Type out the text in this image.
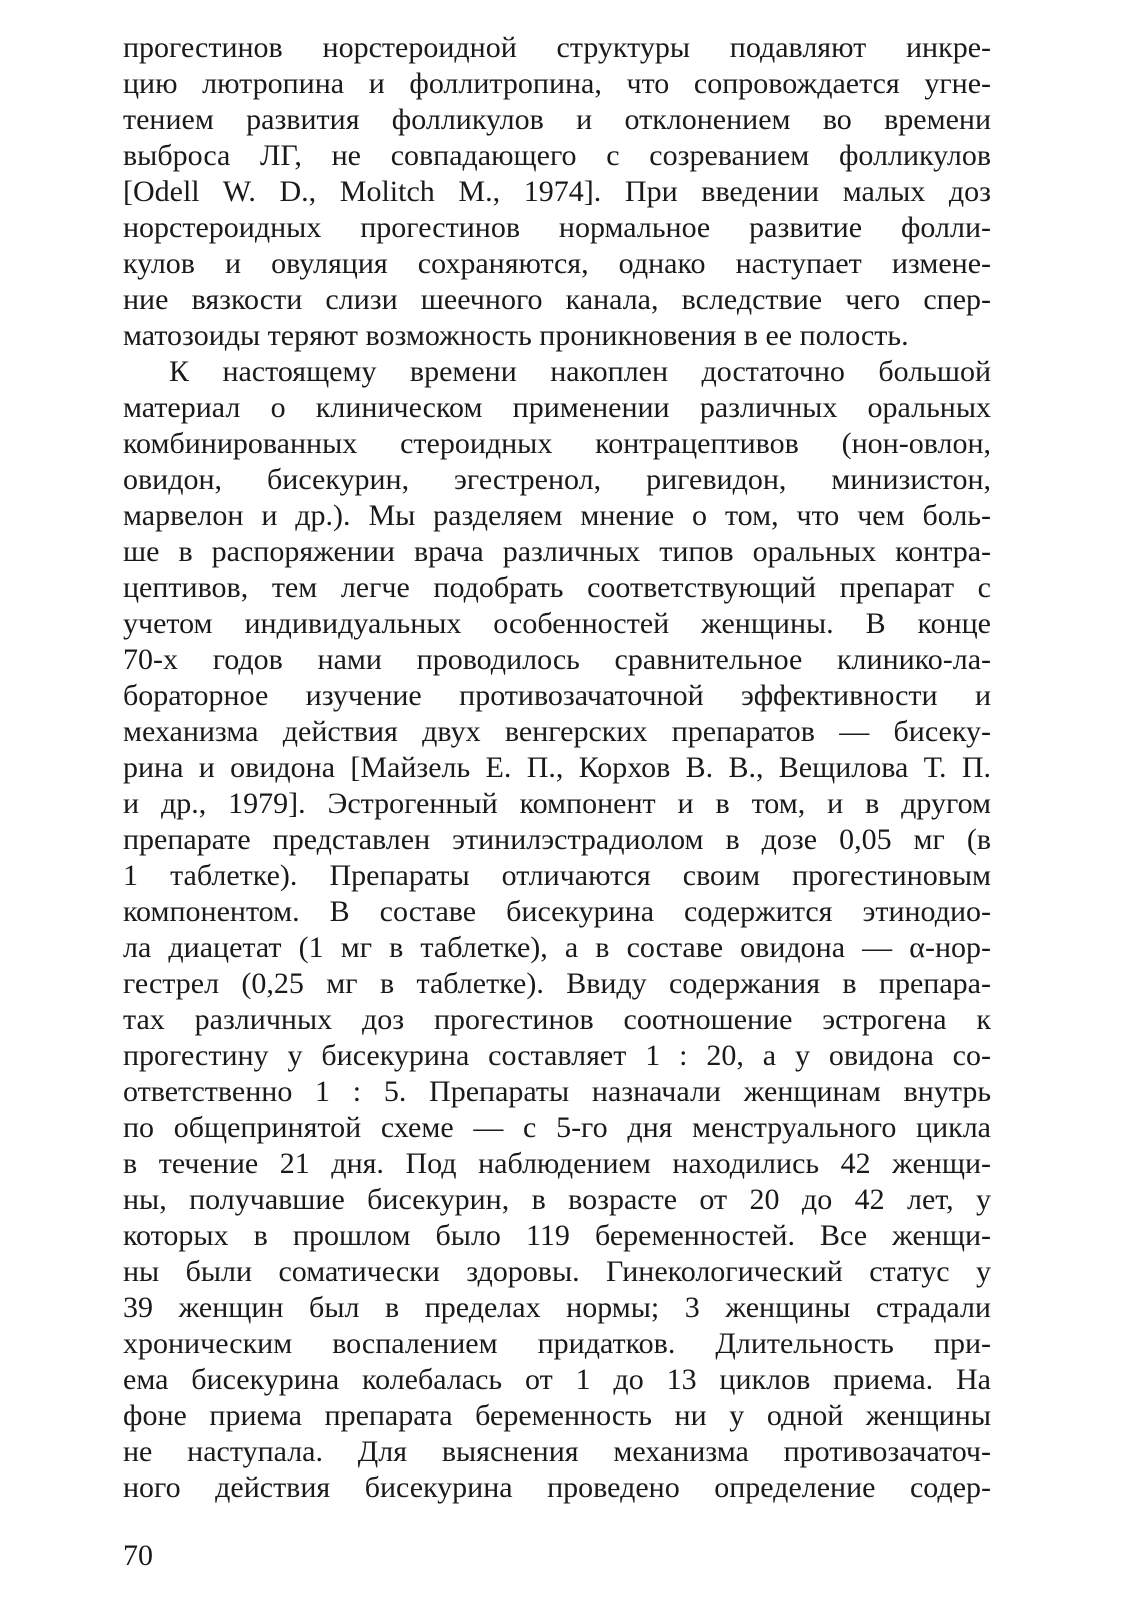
прогестинов норстероидной структуры подавляют инкре-
цию лютропина и фоллитропина, что сопровождается угне-
тением развития фолликулов и отклонением во времени
выброса ЛГ, не совпадающего с созреванием фолликулов
[Odell W. D., Molitch M., 1974]. При введении малых доз
норстероидных прогестинов нормальное развитие фолли-
кулов и овуляция сохраняются, однако наступает измене-
ние вязкости слизи шеечного канала, вследствие чего спер-
матозоиды теряют возможность проникновения в ее полость.
К настоящему времени накоплен достаточно большой
материал о клиническом применении различных оральных
комбинированных стероидных контрацептивов (нон-овлон,
овидон, бисекурин, эгестренол, ригевидон, минизистон,
марвелон и др.). Мы разделяем мнение о том, что чем боль-
ше в распоряжении врача различных типов оральных контра-
цептивов, тем легче подобрать соответствующий препарат с
учетом индивидуальных особенностей женщины. В конце
70-х годов нами проводилось сравнительное клинико-ла-
бораторное изучение противозачаточной эффективности и
механизма действия двух венгерских препаратов — бисеку-
рина и овидона [Майзель Е. П., Корхов В. В., Вещилова Т. П.
и др., 1979]. Эстрогенный компонент и в том, и в другом
препарате представлен этинилэстрадиолом в дозе 0,05 мг (в
1 таблетке). Препараты отличаются своим прогестиновым
компонентом. В составе бисекурина содержится этинодио-
ла диацетат (1 мг в таблетке), а в составе овидона — α-нор-
гестрел (0,25 мг в таблетке). Ввиду содержания в препара-
тах различных доз прогестинов соотношение эстрогена к
прогестину у бисекурина составляет 1 : 20, а у овидона со-
ответственно 1 : 5. Препараты назначали женщинам внутрь
по общепринятой схеме — с 5-го дня менструального цикла
в течение 21 дня. Под наблюдением находились 42 женщи-
ны, получавшие бисекурин, в возрасте от 20 до 42 лет, у
которых в прошлом было 119 беременностей. Все женщи-
ны были соматически здоровы. Гинекологический статус у
39 женщин был в пределах нормы; 3 женщины страдали
хроническим воспалением придатков. Длительность при-
ема бисекурина колебалась от 1 до 13 циклов приема. На
фоне приема препарата беременность ни у одной женщины
не наступала. Для выяснения механизма противозачаточ-
ного действия бисекурина проведено определение содер-
70
